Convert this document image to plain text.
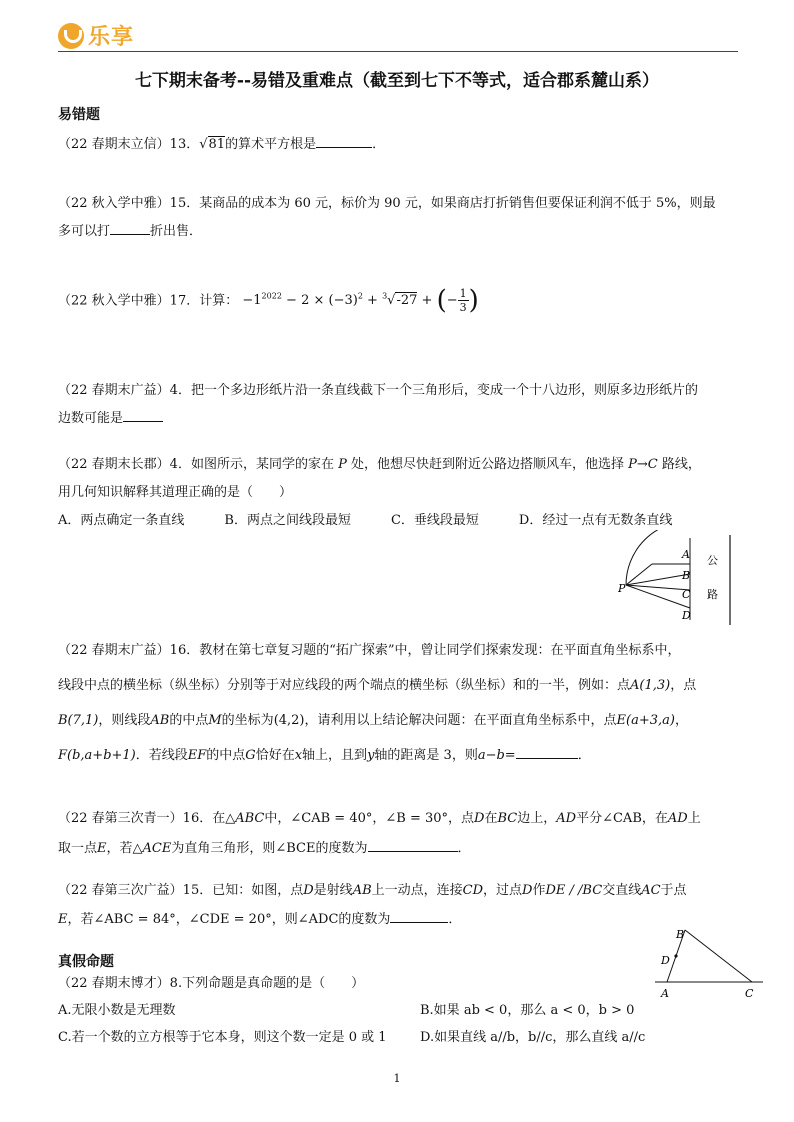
乐享
七下期末备考--易错及重难点（截至到七下不等式，适合郡系麓山系）
易错题
（22 春期末立信）13．√81的算术平方根是	．
（22 秋入学中雅）15．某商品的成本为 60 元，标价为 90 元，如果商店打折销售但要保证利润不低于 5%，则最
多可以打	折出售．
（22 秋入学中雅）17．计算： $-1^{2022} - 2 \times (-3)^2 + ^3√-27$ + (− $\frac{1}{3}$ )
（22 春期末广益）4．把一个多边形纸片沿一条直线截下一个三角形后，变成一个十八边形，则原多边形纸片的
边数可能是
（22 春期末长郡）4．如图所示，某同学的家在 P 处，他想尽快赶到附近公路边搭顺风车，他选择 P→C 路线，
用几何知识解释其道理正确的是（　　）
A．两点确定一条直线	B．两点之间线段最短	C．垂线段最短	D．经过一点有无数条直线
A
B
C
D
P
公
路
（22 春期末广益）16．教材在第七章复习题的“拓广探索”中，曾让同学们探索发现：在平面直角坐标系中，
线段中点的横坐标（纵坐标）分别等于对应线段的两个端点的横坐标（纵坐标）和的一半，例如：点A(1,3)，点
B(7,1)，则线段AB的中点M的坐标为(4,2)，请利用以上结论解决问题：在平面直角坐标系中，点E(a+3,a)，
F(b,a+b+1)．若线段EF的中点G恰好在x轴上，且到y轴的距离是 3，则a−b=	．
（22 春第三次青一）16．在△ABC中，∠CAB = 40°，∠B = 30°，点D在BC边上，AD平分∠CAB，在AD上
取一点E，若△ACE为直角三角形，则∠BCE的度数为	．
（22 春第三次广益）15．已知：如图，点D是射线AB上一动点，连接CD，过点D作DE / /BC交直线AC于点
E，若∠ABC = 84°，∠CDE = 20°，则∠ADC的度数为	．
B
D
A	C
真假命题
（22 春期末博才）8.下列命题是真命题的是（　　）
A.无限小数是无理数	B.如果 ab < 0，那么 a < 0，b > 0
C.若一个数的立方根等于它本身，则这个数一定是 0 或 1	D.如果直线 a//b，b//c，那么直线 a//c
1
